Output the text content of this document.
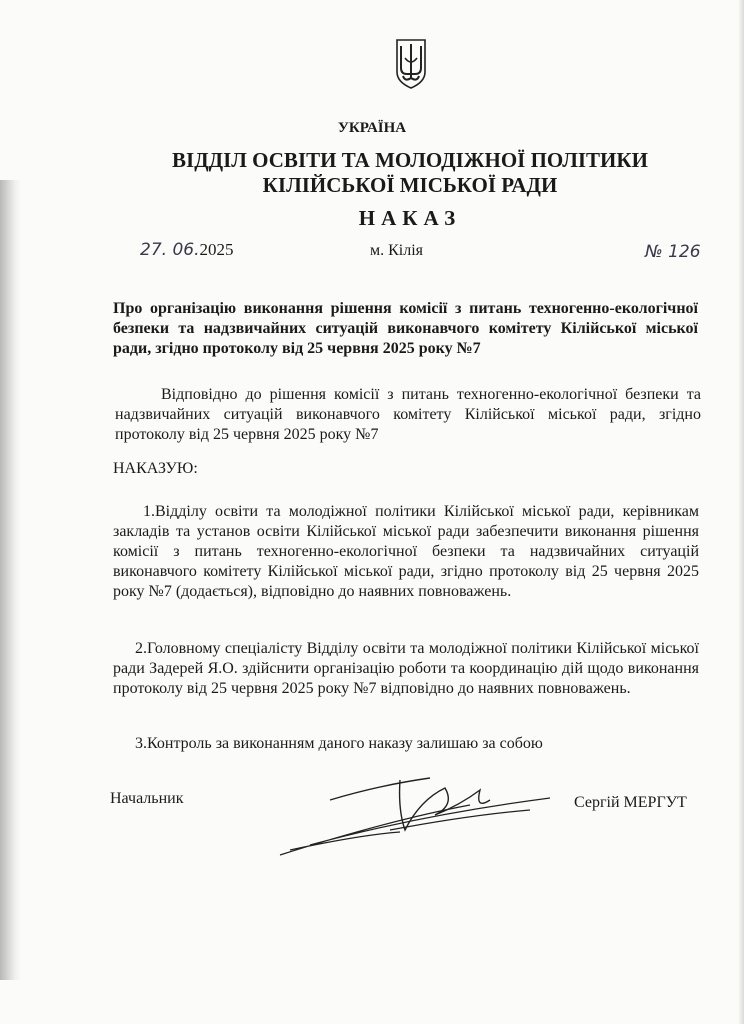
УКРАЇНА
ВІДДІЛ ОСВІТИ ТА МОЛОДІЖНОЇ ПОЛІТИКИ
КІЛІЙСЬКОЇ МІСЬКОЇ РАДИ
НАКАЗ
27. 06.2025	м. Кілія	№ 126
Про організацію виконання рішення комісії з питань техногенно-екологічної безпеки та надзвичайних ситуацій виконавчого комітету Кілійської міської ради, згідно протоколу від 25 червня 2025 року №7
Відповідно до рішення комісії з питань техногенно-екологічної безпеки та надзвичайних ситуацій виконавчого комітету Кілійської міської ради, згідно протоколу від 25 червня 2025 року №7
НАКАЗУЮ:
1.Відділу освіти та молодіжної політики Кілійської міської ради, керівникам закладів та установ освіти Кілійської міської ради забезпечити виконання рішення комісії з питань техногенно-екологічної безпеки та надзвичайних ситуацій виконавчого комітету Кілійської міської ради, згідно протоколу від 25 червня 2025 року №7 (додається), відповідно до наявних повноважень.
2.Головному спеціалісту Відділу освіти та молодіжної політики Кілійської міської ради Задерей Я.О. здійснити організацію роботи та координацію дій щодо виконання протоколу від 25 червня 2025 року №7 відповідно до наявних повноважень.
3.Контроль за виконанням даного наказу залишаю за собою
Начальник	Сергій МЕРГУТ
